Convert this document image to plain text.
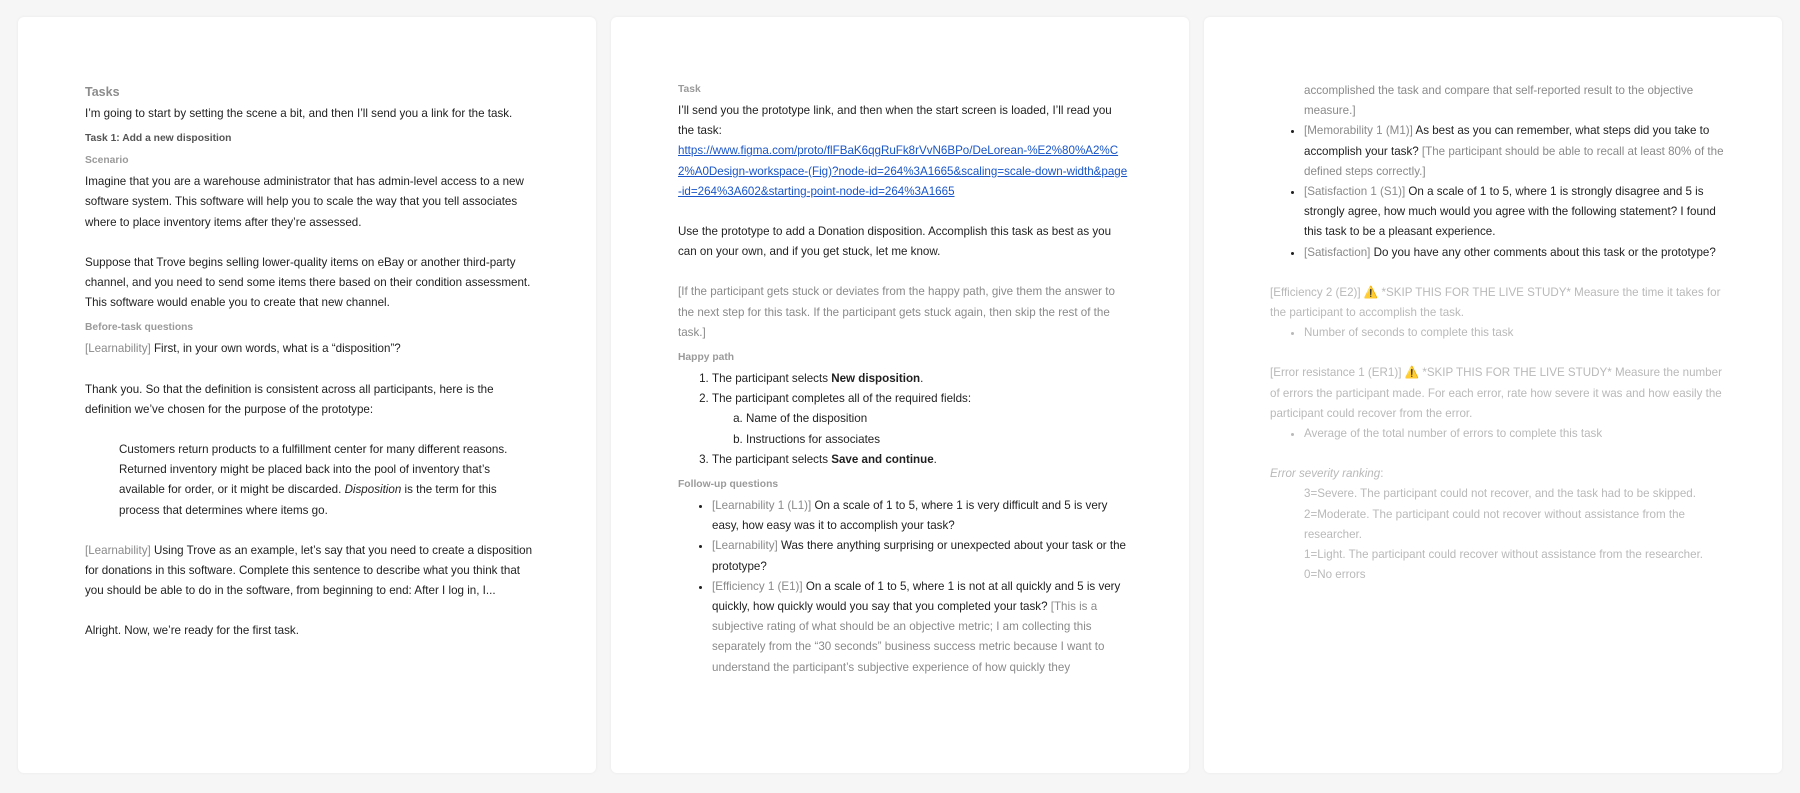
Tasks

I’m going to start by setting the scene a bit, and then I’ll send you a link for the task.

Task 1: Add a new disposition
Scenario

Imagine that you are a warehouse administrator that has admin-level access to a new software system. This software will help you to scale the way that you tell associates where to place inventory items after they’re assessed.

Suppose that Trove begins selling lower-quality items on eBay or another third-party channel, and you need to send some items there based on their condition assessment. This software would enable you to create that new channel.

Before-task questions

[Learnability] First, in your own words, what is a “disposition”?

Thank you. So that the definition is consistent across all participants, here is the definition we’ve chosen for the purpose of the prototype:

Customers return products to a fulfillment center for many different reasons. Returned inventory might be placed back into the pool of inventory that’s available for order, or it might be discarded. Disposition is the term for this process that determines where items go.

[Learnability] Using Trove as an example, let’s say that you need to create a disposition for donations in this software. Complete this sentence to describe what you think that you should be able to do in the software, from beginning to end: After I log in, I...

Alright. Now, we’re ready for the first task.

Task

I’ll send you the prototype link, and then when the start screen is loaded, I’ll read you the task:

https://www.figma.com/proto/flFBaK6qgRuFk8rVvN6BPo/DeLorean-%E2%80%A2%C2%A0Design-workspace-(Fig)?node-id=264%3A1665&scaling=scale-down-width&page-id=264%3A602&starting-point-node-id=264%3A1665

Use the prototype to add a Donation disposition. Accomplish this task as best as you can on your own, and if you get stuck, let me know.

[If the participant gets stuck or deviates from the happy path, give them the answer to the next step for this task. If the participant gets stuck again, then skip the rest of the task.]

Happy path
1. The participant selects New disposition.
2. The participant completes all of the required fields:
a. Name of the disposition
b. Instructions for associates
3. The participant selects Save and continue.
Follow-up questions
• [Learnability 1 (L1)] On a scale of 1 to 5, where 1 is very difficult and 5 is very easy, how easy was it to accomplish your task?
• [Learnability] Was there anything surprising or unexpected about your task or the prototype?
• [Efficiency 1 (E1)] On a scale of 1 to 5, where 1 is not at all quickly and 5 is very quickly, how quickly would you say that you completed your task? [This is a subjective rating of what should be an objective metric; I am collecting this separately from the “30 seconds” business success metric because I want to understand the participant’s subjective experience of how quickly they

accomplished the task and compare that self-reported result to the objective measure.]

• [Memorability 1 (M1)] As best as you can remember, what steps did you take to accomplish your task? [The participant should be able to recall at least 80% of the defined steps correctly.]
• [Satisfaction 1 (S1)] On a scale of 1 to 5, where 1 is strongly disagree and 5 is strongly agree, how much would you agree with the following statement? I found this task to be a pleasant experience.
• [Satisfaction] Do you have any other comments about this task or the prototype?

[Efficiency 2 (E2)] ⚠️ *SKIP THIS FOR THE LIVE STUDY* Measure the time it takes for the participant to accomplish the task.

• Number of seconds to complete this task

[Error resistance 1 (ER1)] ⚠️ *SKIP THIS FOR THE LIVE STUDY* Measure the number of errors the participant made. For each error, rate how severe it was and how easily the participant could recover from the error.

• Average of the total number of errors to complete this task

Error severity ranking:

3=Severe. The participant could not recover, and the task had to be skipped.

2=Moderate. The participant could not recover without assistance from the researcher.

1=Light. The participant could recover without assistance from the researcher.

0=No errors
